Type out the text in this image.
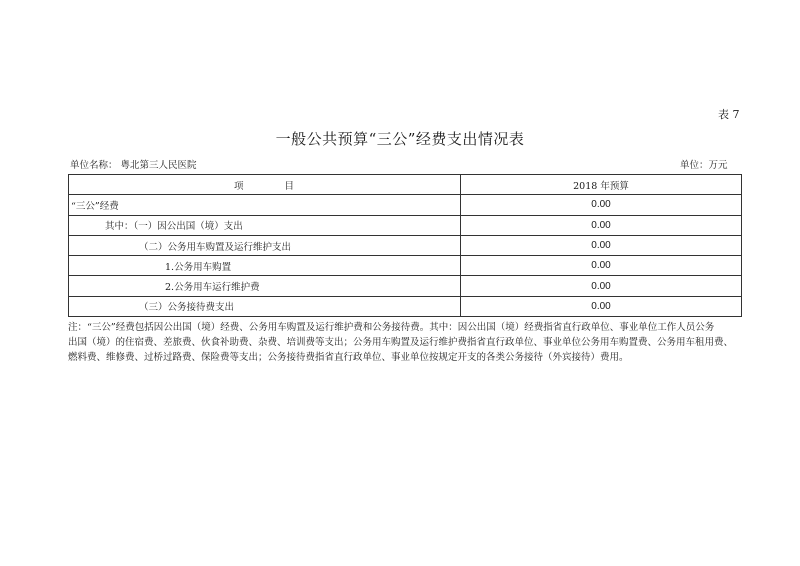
表 7
一般公共预算“三公”经费支出情况表
单位名称： 粤北第三人民医院	单位：万元
项 目	2018 年预算
“三公”经费	0.00
其中：（一）因公出国（境）支出	0.00
（二）公务用车购置及运行维护支出	0.00
1.公务用车购置	0.00
2.公务用车运行维护费	0.00
（三）公务接待费支出	0.00
注：“三公”经费包括因公出国（境）经费、公务用车购置及运行维护费和公务接待费。其中：因公出国（境）经费指省直行政单位、事业单位工作人员公务
出国（境）的住宿费、差旅费、伙食补助费、杂费、培训费等支出；公务用车购置及运行维护费指省直行政单位、事业单位公务用车购置费、公务用车租用费、
燃料费、维修费、过桥过路费、保险费等支出；公务接待费指省直行政单位、事业单位按规定开支的各类公务接待（外宾接待）费用。
